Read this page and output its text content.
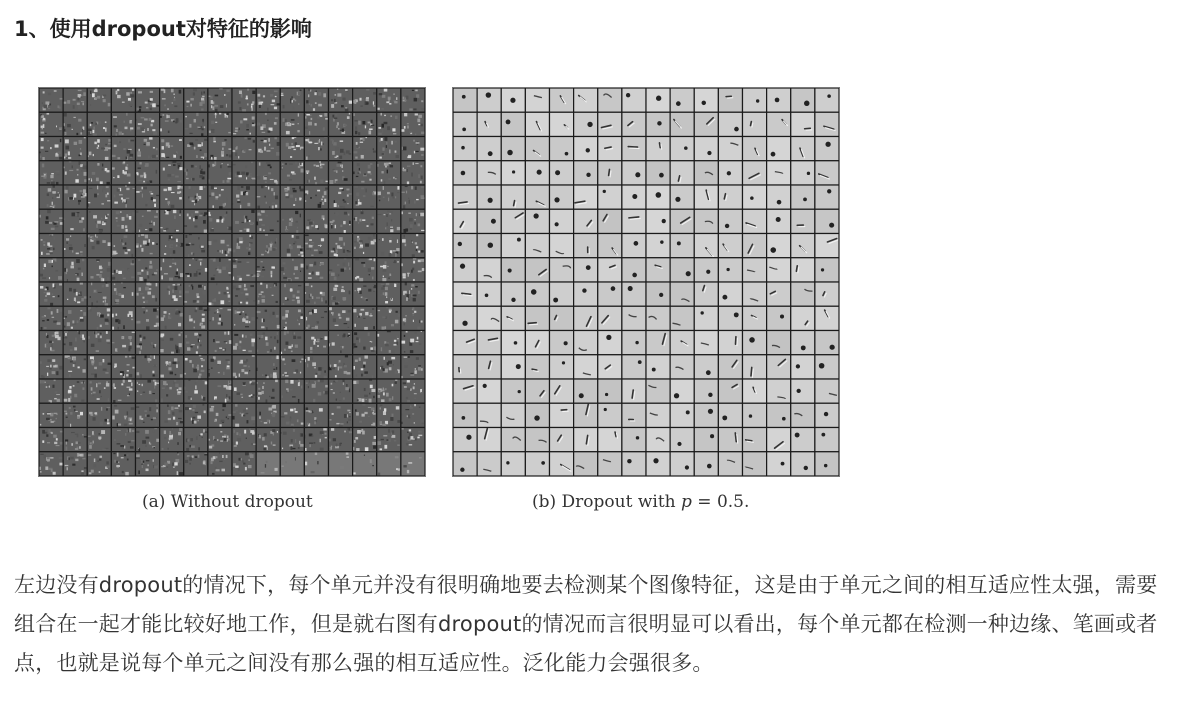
1、使用dropout对特征的影响
(a) Without dropout	(b) Dropout with p = 0.5.

左边没有dropout的情况下，每个单元并没有很明确地要去检测某个图像特征，这是由于单元之间的相互适应性太强，需要组合在一起才能比较好地工作，但是就右图有dropout的情况而言很明显可以看出，每个单元都在检测一种边缘、笔画或者点，也就是说每个单元之间没有那么强的相互适应性。泛化能力会强很多。
